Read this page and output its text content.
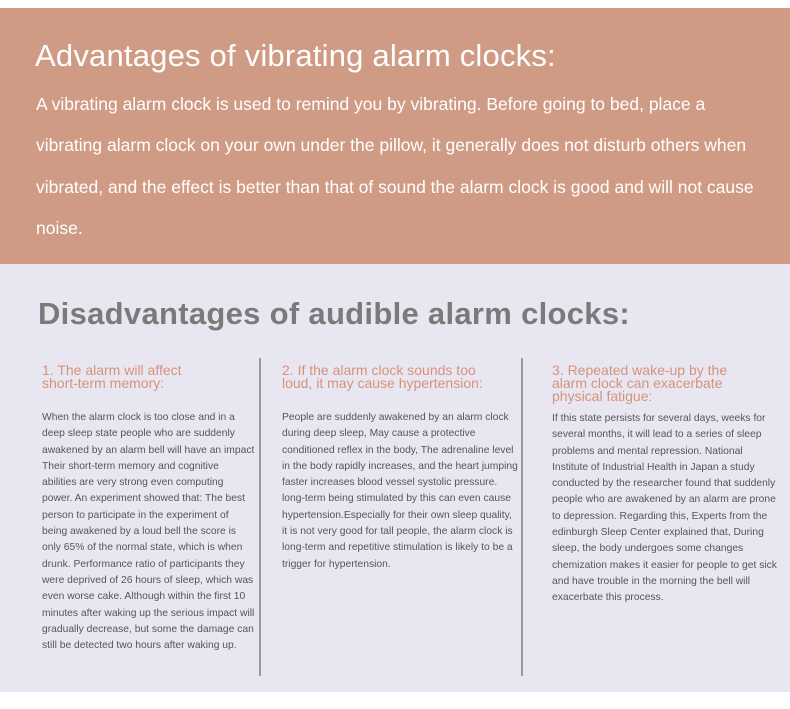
Advantages of vibrating alarm clocks:

A vibrating alarm clock is used to remind you by vibrating. Before going to bed, place a vibrating alarm clock on your own under the pillow, it generally does not disturb others when vibrated, and the effect is better than that of sound the alarm clock is good and will not cause noise.

Disadvantages of audible alarm clocks:
1. The alarm will affect
short-term memory:
When the alarm clock is too close and in a deep sleep state people who are suddenly awakened by an alarm bell will have an impact Their short-term memory and cognitive abilities are very strong even computing power. An experiment showed that: The best person to participate in the experiment of being awakened by a loud bell the score is only 65% of the normal state, which is when drunk. Performance ratio of participants they were deprived of 26 hours of sleep, which was even worse cake. Although within the first 10 minutes after waking up the serious impact will gradually decrease, but some the damage can still be detected two hours after waking up.
2. If the alarm clock sounds too
loud, it may cause hypertension:
People are suddenly awakened by an alarm clock during deep sleep, May cause a protective conditioned reflex in the body, The adrenaline level in the body rapidly increases, and the heart jumping faster increases blood vessel systolic pressure. long-term being stimulated by this can even cause hypertension.Especially for their own sleep quality, it is not very good for tall people, the alarm clock is long-term and repetitive stimulation is likely to be a trigger for hypertension.
3. Repeated wake-up by the
alarm clock can exacerbate
physical fatigue:
If this state persists for several days, weeks for several months, it will lead to a series of sleep problems and mental repression. National Institute of Industrial Health in Japan a study conducted by the researcher found that suddenly people who are awakened by an alarm are prone to depression. Regarding this, Experts from the edinburgh Sleep Center explained that, During sleep, the body undergoes some changes chemization makes it easier for people to get sick and have trouble in the morning the bell will exacerbate this process.
